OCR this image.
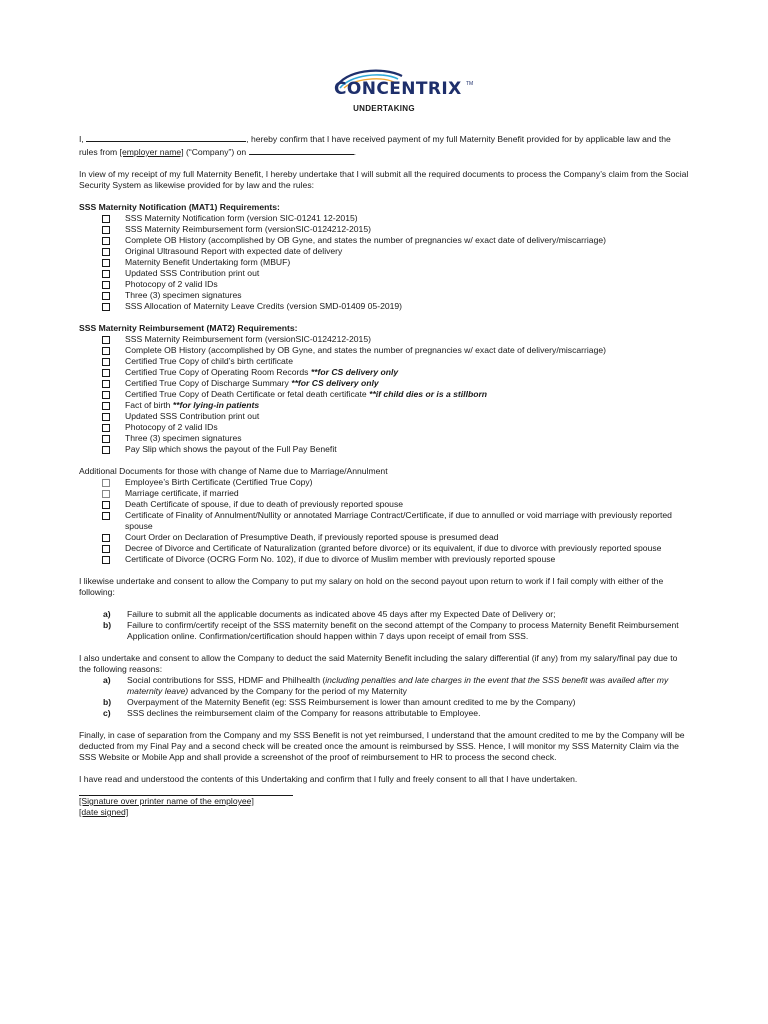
CONCENTRIX TM
UNDERTAKING

I,	, hereby confirm that I have received payment of my full Maternity Benefit provided for by applicable law and the rules from [employer name] (“Company”) on	.

In view of my receipt of my full Maternity Benefit, I hereby undertake that I will submit all the required documents to process the Company’s claim from the Social Security System as likewise provided for by law and the rules:

SSS Maternity Notification (MAT1) Requirements:

SSS Maternity Notification form (version SIC-01241 12-2015)
SSS Maternity Reimbursement form (versionSIC-0124212-2015)
Complete OB History (accomplished by OB Gyne, and states the number of pregnancies w/ exact date of delivery/miscarriage)
Original Ultrasound Report with expected date of delivery
Maternity Benefit Undertaking form (MBUF)
Updated SSS Contribution print out
Photocopy of 2 valid IDs
Three (3) specimen signatures
SSS Allocation of Maternity Leave Credits (version SMD-01409 05-2019)

SSS Maternity Reimbursement (MAT2) Requirements:

SSS Maternity Reimbursement form (versionSIC-0124212-2015)
Complete OB History (accomplished by OB Gyne, and states the number of pregnancies w/ exact date of delivery/miscarriage)
Certified True Copy of child’s birth certificate
Certified True Copy of Operating Room Records **for CS delivery only
Certified True Copy of Discharge Summary **for CS delivery only
Certified True Copy of Death Certificate or fetal death certificate **if child dies or is a stillborn
Fact of birth **for lying-in patients
Updated SSS Contribution print out
Photocopy of 2 valid IDs
Three (3) specimen signatures
Pay Slip which shows the payout of the Full Pay Benefit

Additional Documents for those with change of Name due to Marriage/Annulment

Employee’s Birth Certificate (Certified True Copy)
Marriage certificate, if married
Death Certificate of spouse, if due to death of previously reported spouse
Certificate of Finality of Annulment/Nullity or annotated Marriage Contract/Certificate, if due to annulled or void marriage with previously reported spouse
Court Order on Declaration of Presumptive Death, if previously reported spouse is presumed dead
Decree of Divorce and Certificate of Naturalization (granted before divorce) or its equivalent, if due to divorce with previously reported spouse
Certificate of Divorce (OCRG Form No. 102), if due to divorce of Muslim member with previously reported spouse

I likewise undertake and consent to allow the Company to put my salary on hold on the second payout upon return to work if I fail comply with either of the following:

a) Failure to submit all the applicable documents as indicated above 45 days after my Expected Date of Delivery or;
b) Failure to confirm/certify receipt of the SSS maternity benefit on the second attempt of the Company to process Maternity Benefit Reimbursement Application online. Confirmation/certification should happen within 7 days upon receipt of email from SSS.

I also undertake and consent to allow the Company to deduct the said Maternity Benefit including the salary differential (if any) from my salary/final pay due to the following reasons:

a) Social contributions for SSS, HDMF and Philhealth (including penalties and late charges in the event that the SSS benefit was availed after my maternity leave) advanced by the Company for the period of my Maternity
b) Overpayment of the Maternity Benefit (eg: SSS Reimbursement is lower than amount credited to me by the Company)
c) SSS declines the reimbursement claim of the Company for reasons attributable to Employee.

Finally, in case of separation from the Company and my SSS Benefit is not yet reimbursed, I understand that the amount credited to me by the Company will be deducted from my Final Pay and a second check will be created once the amount is reimbursed by SSS. Hence, I will monitor my SSS Maternity Claim via the SSS Website or Mobile App and shall provide a screenshot of the proof of reimbursement to HR to process the second check.

I have read and understood the contents of this Undertaking and confirm that I fully and freely consent to all that I have undertaken.

[Signature over printer name of the employee]
[date signed]
